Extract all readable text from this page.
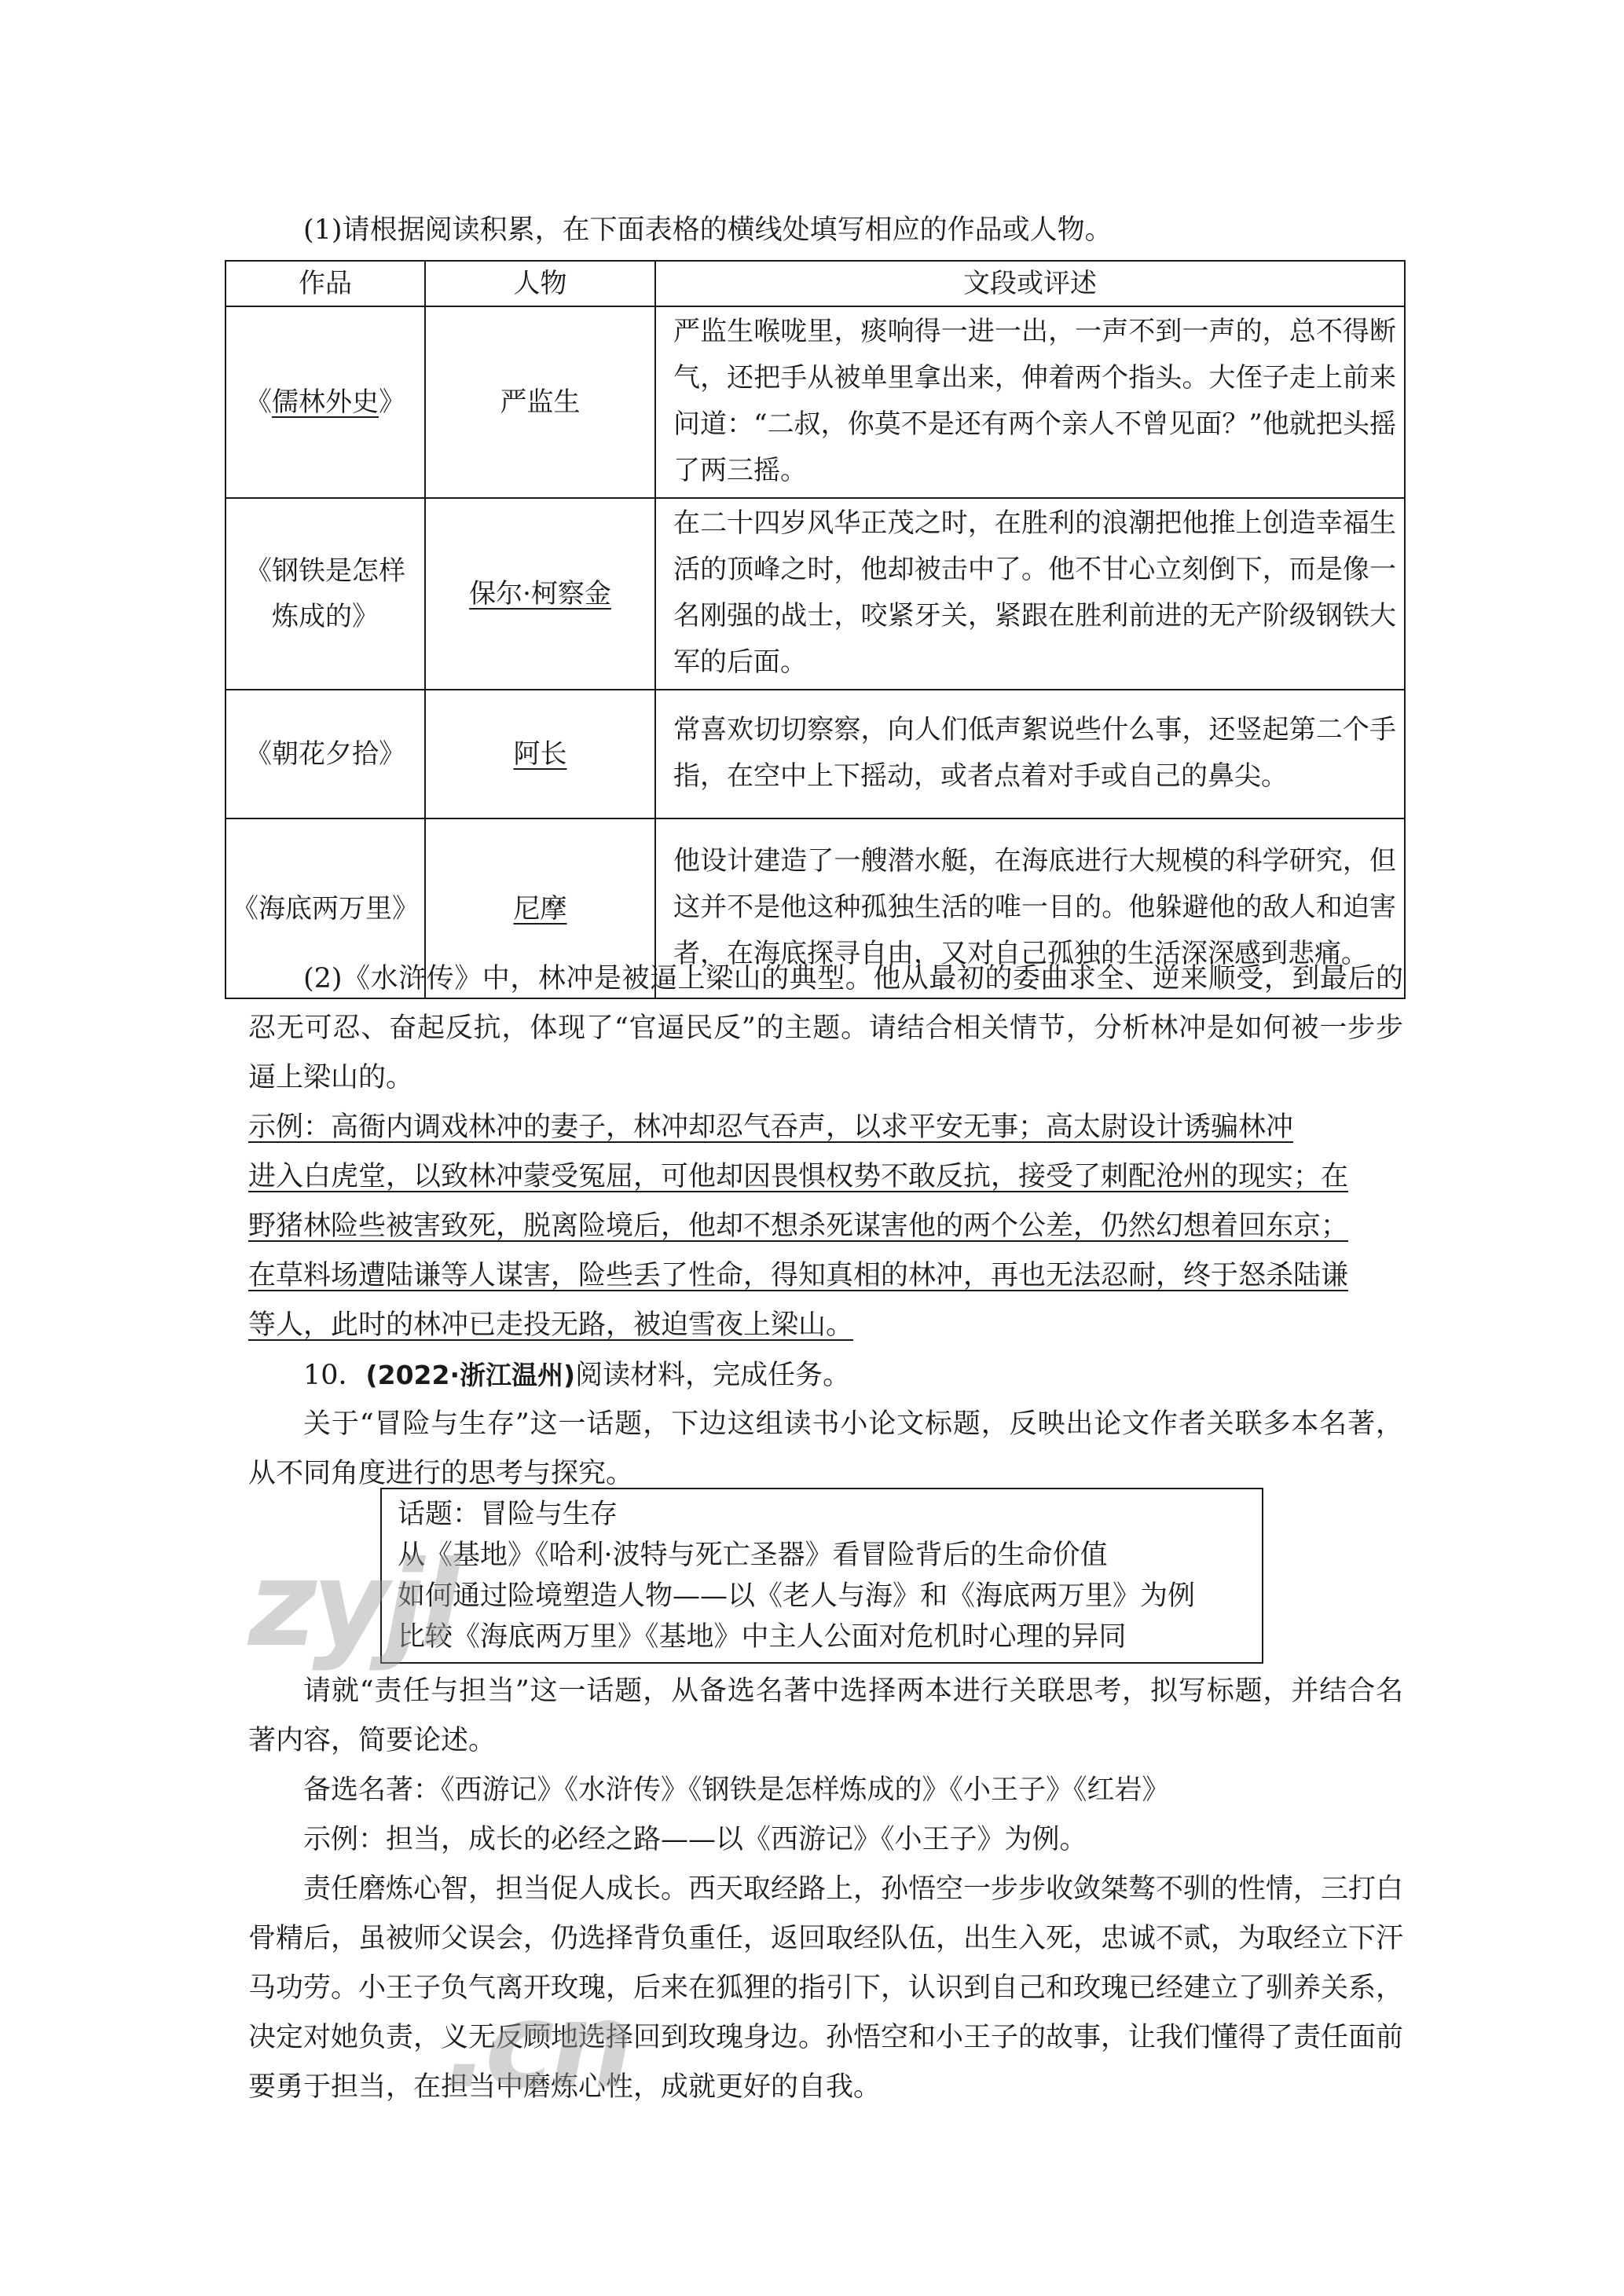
(1)请根据阅读积累，在下面表格的横线处填写相应的作品或人物。

作品	人物	文段或评述
《儒林外史》	严监生	严监生喉咙里，痰响得一进一出，一声不到一声的，总不得断气，还把手从被单里拿出来，伸着两个指头。大侄子走上前来问道：“二叔，你莫不是还有两个亲人不曾见面？”他就把头摇了两三摇。

《钢铁是怎样
炼成的》	保尔·柯察金	在二十四岁风华正茂之时，在胜利的浪潮把他推上创造幸福生活的顶峰之时，他却被击中了。他不甘心立刻倒下，而是像一名刚强的战士，咬紧牙关，紧跟在胜利前进的无产阶级钢铁大军的后面。
《朝花夕拾》	阿长	常喜欢切切察察，向人们低声絮说些什么事，还竖起第二个手指，在空中上下摇动，或者点着对手或自己的鼻尖。
《海底两万里》	尼摩	他设计建造了一艘潜水艇，在海底进行大规模的科学研究，但这并不是他这种孤独生活的唯一目的。他躲避他的敌人和迫害者，在海底探寻自由，又对自己孤独的生活深深感到悲痛。

(2)《水浒传》中，林冲是被逼上梁山的典型。他从最初的委曲求全、逆来顺受，到最后的忍无可忍、奋起反抗，体现了“官逼民反”的主题。请结合相关情节，分析林冲是如何被一步步逼上梁山的。

示例：高衙内调戏林冲的妻子，林冲却忍气吞声，以求平安无事；高太尉设计诱骗林冲
进入白虎堂，以致林冲蒙受冤屈，可他却因畏惧权势不敢反抗，接受了刺配沧州的现实；在
野猪林险些被害致死，脱离险境后，他却不想杀死谋害他的两个公差，仍然幻想着回东京；
在草料场遭陆谦等人谋害，险些丢了性命，得知真相的林冲，再也无法忍耐，终于怒杀陆谦
等人，此时的林冲已走投无路，被迫雪夜上梁山。
10．(2022·浙江温州)阅读材料，完成任务。

关于“冒险与生存”这一话题，下边这组读书小论文标题，反映出论文作者关联多本名著，从不同角度进行的思考与探究。

话题：冒险与生存
从《基地》《哈利·波特与死亡圣器》看冒险背后的生命价值
如何通过险境塑造人物——以《老人与海》和《海底两万里》为例
比较《海底两万里》《基地》中主人公面对危机时心理的异同

请就“责任与担当”这一话题，从备选名著中选择两本进行关联思考，拟写标题，并结合名著内容，简要论述。

备选名著：《西游记》《水浒传》《钢铁是怎样炼成的》《小王子》《红岩》
示例：担当，成长的必经之路——以《西游记》《小王子》为例。

责任磨炼心智，担当促人成长。西天取经路上，孙悟空一步步收敛桀骜不驯的性情，三打白骨精后，虽被师父误会，仍选择背负重任，返回取经队伍，出生入死，忠诚不贰，为取经立下汗马功劳。小王子负气离开玫瑰，后来在狐狸的指引下，认识到自己和玫瑰已经建立了驯养关系，决定对她负责，义无反顾地选择回到玫瑰身边。孙悟空和小王子的故事，让我们懂得了责任面前要勇于担当，在担当中磨炼心性，成就更好的自我。

zyjl
.cn
